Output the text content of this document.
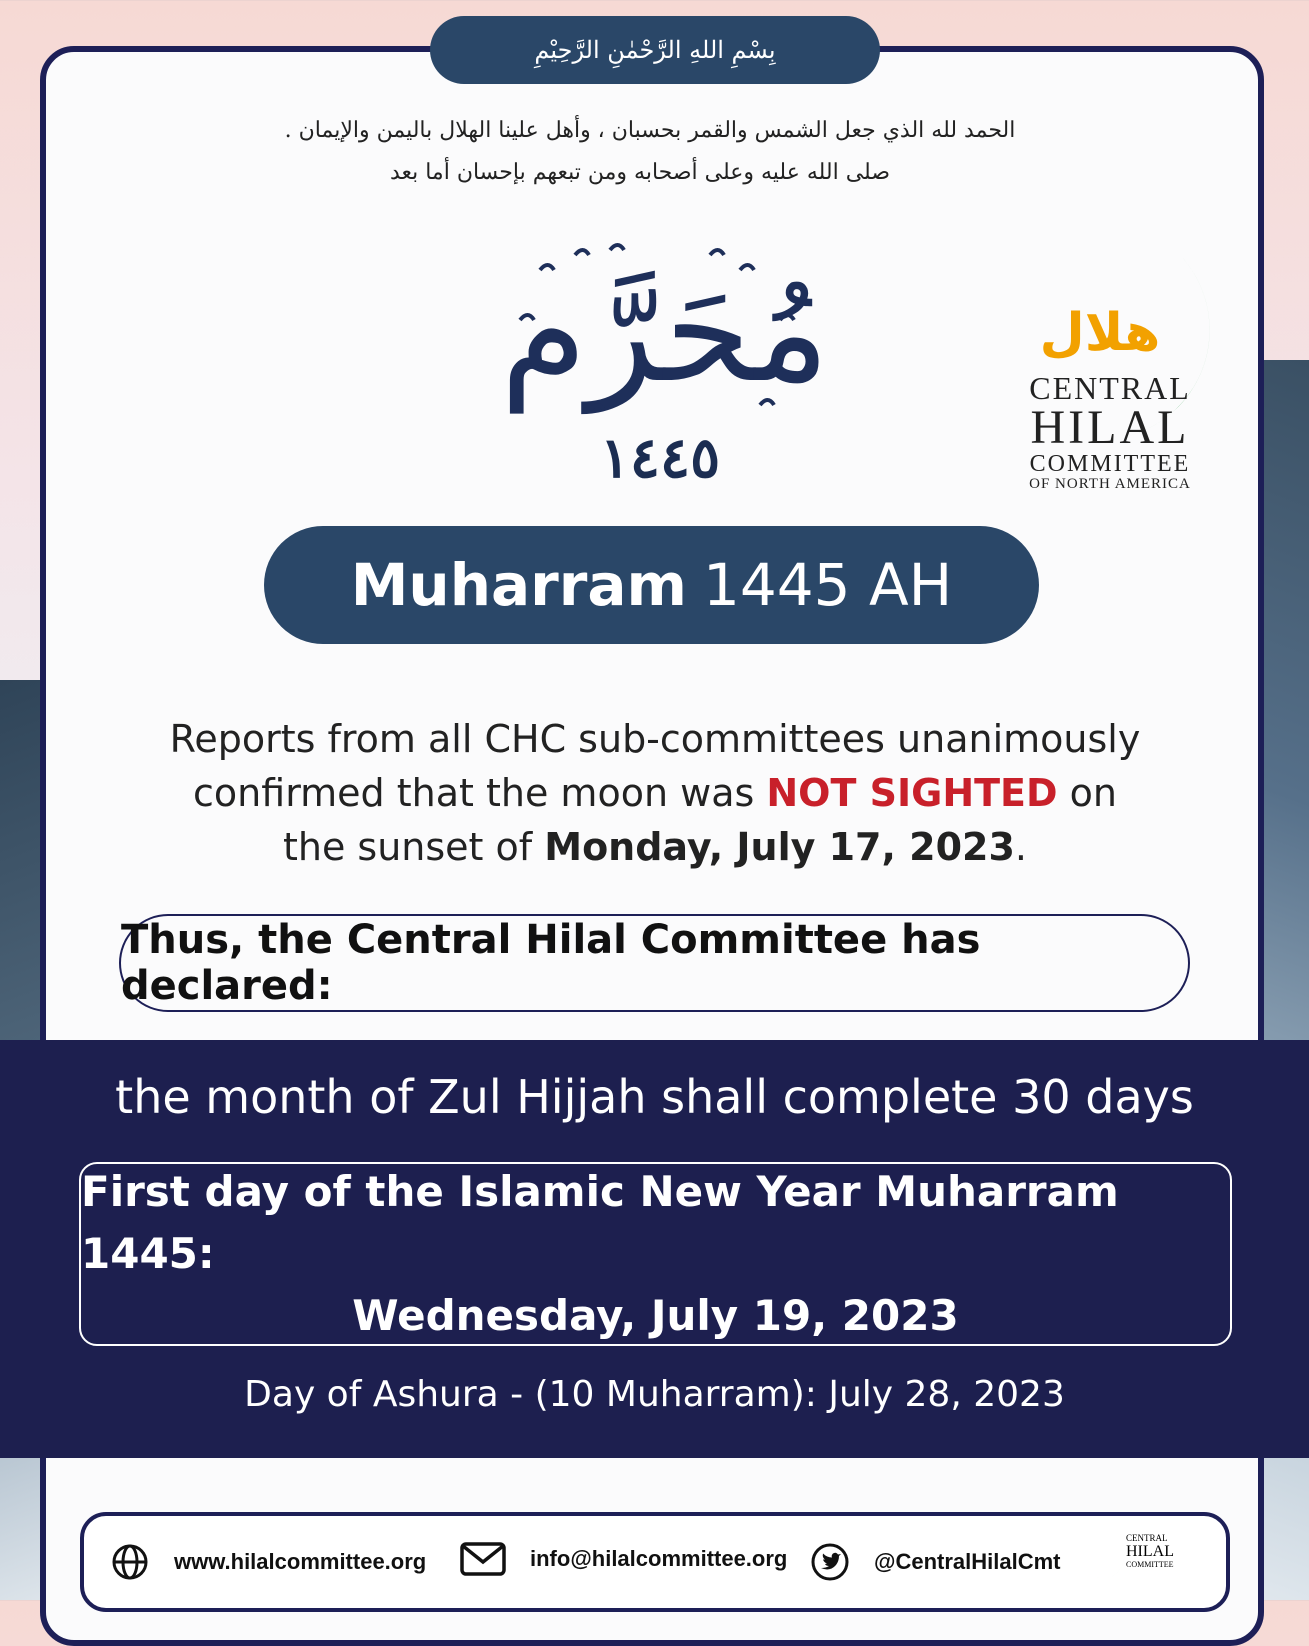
بِسْمِ اللهِ الرَّحْمٰنِ الرَّحِيْمِ
الحمد لله الذي جعل الشمس والقمر بحسبان ، وأهل علينا الهلال باليمن والإيمان .
صلى الله عليه وعلى أصحابه ومن تبعهم بإحسان أما بعد
مُحَرَّم
١٤٤٥
هلال
CENTRAL
HILAL
COMMITTEE
OF NORTH AMERICA
Muharram 1445 AH
Reports from all CHC sub-committees unanimously confirmed that the moon was NOT SIGHTED on the sunset of Monday, July 17, 2023.
Thus, the Central Hilal Committee has declared:
the month of Zul Hijjah shall complete 30 days
First day of the Islamic New Year Muharram 1445:
Wednesday, July 19, 2023
Day of Ashura - (10 Muharram): July 28, 2023
www.hilalcommittee.org	info@hilalcommittee.org	@CentralHilalCmt
CENTRAL
HILAL
COMMITTEE
